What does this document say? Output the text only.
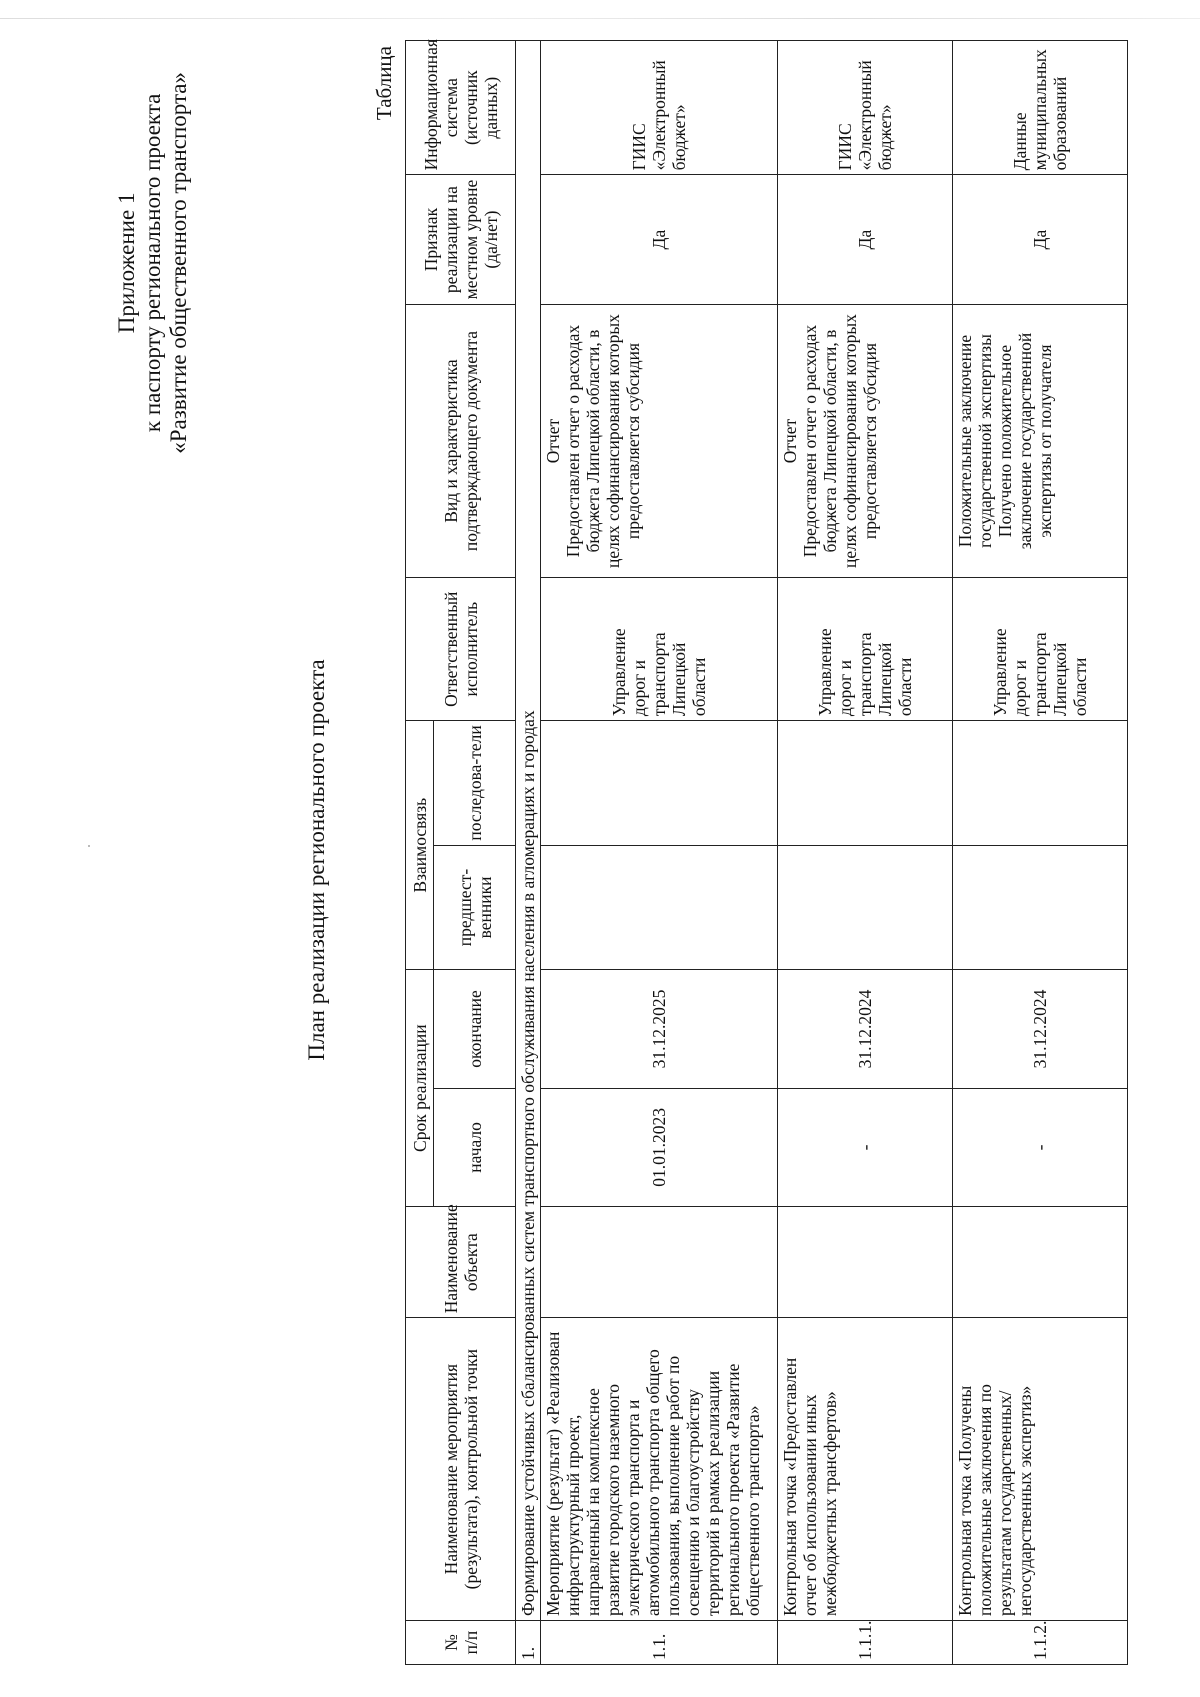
Приложение 1 к паспорту регионального проекта «Развитие общественного транспорта»
План реализации регионального проекта
Таблица
№ п/п	Наименование мероприятия (результата), контрольной точки	Наименование объекта	Срок реализации		Взаимосвязь		Ответственный исполнитель	Вид и характеристика подтверждающего документа	Признак реализации на местном уровне (да/нет)	Информационная система (источник данных)
			начало	окончание	предшест-венники	последова-тели				
1.	Формирование устойчивых сбалансированных систем транспортного обслуживания населения в агломерациях и городах									
1.1.	Мероприятие (результат) «Реализован инфраструктурный проект, направленный на комплексное развитие городского наземного электрического транспорта и автомобильного транспорта общего пользования, выполнение работ по освещению и благоустройству территорий в рамках реализации регионального проекта «Развитие общественного транспорта»		01.01.2023	31.12.2025			Управление дорог и транспорта Липецкой области	Отчет Предоставлен отчет о расходах бюджета Липецкой области, в целях софинансирования которых предоставляется субсидия	Да	ГИИС «Электронный бюджет»
1.1.1.	Контрольная точка «Предоставлен отчет об использовании иных межбюджетных трансфертов»		-	31.12.2024			Управление дорог и транспорта Липецкой области	Отчет Предоставлен отчет о расходах бюджета Липецкой области, в целях софинансирования которых предоставляется субсидия	Да	ГИИС «Электронный бюджет»
1.1.2.	Контрольная точка «Получены положительные заключения по результатам государственных/негосударственных экспертиз»		-	31.12.2024			Управление дорог и транспорта Липецкой области	Положительные заключение государственной экспертизы Получено положительное заключение государственной экспертизы от получателя	Да	Данные муниципальных образований
